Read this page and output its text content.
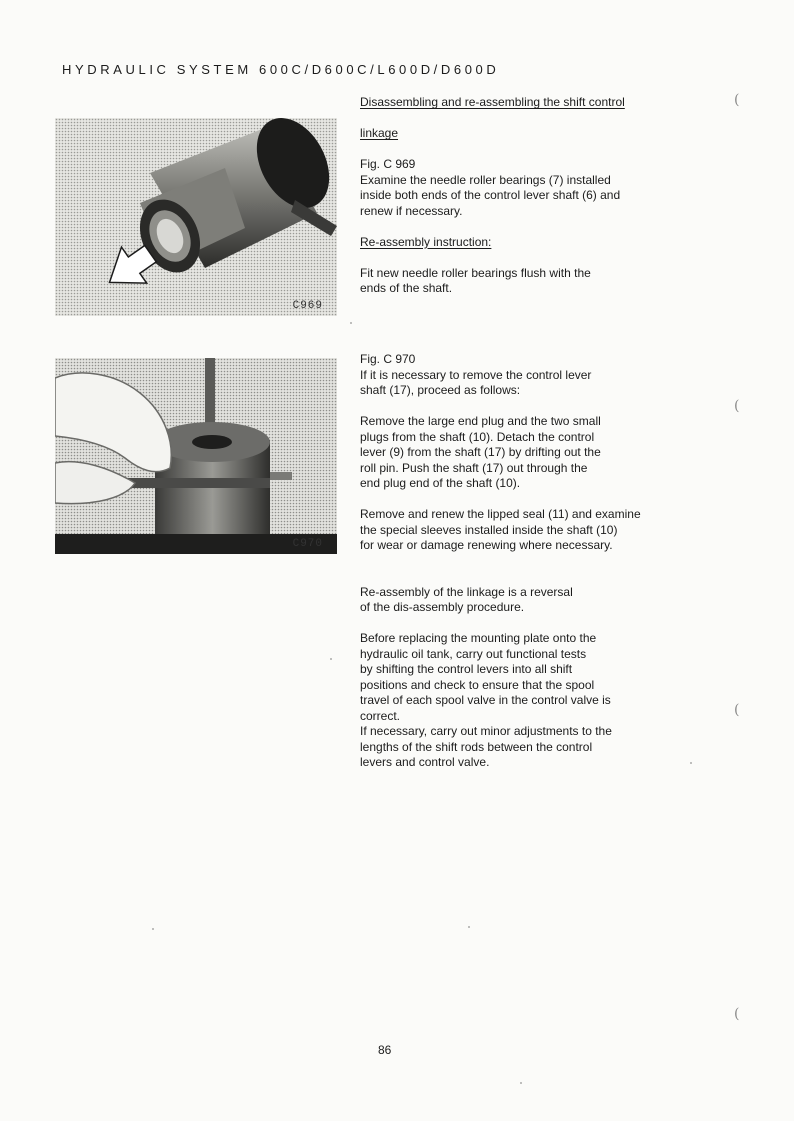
HYDRAULIC SYSTEM 600C/D600C/L600D/D600D
C969
C970

Disassembling and re-assembling the shift control

linkage

Fig. C 969

Examine the needle roller bearings (7) installed

inside both ends of the control lever shaft (6) and

renew if necessary.

Re-assembly instruction:

Fit new needle roller bearings flush with the

ends of the shaft.

Fig. C 970

If it is necessary to remove the control lever

shaft (17), proceed as follows:

Remove the large end plug and the two small

plugs from the shaft (10). Detach the control

lever (9) from the shaft (17) by drifting out the

roll pin. Push the shaft (17) out through the

end plug end of the shaft (10).

Remove and renew the lipped seal (11) and examine

the special sleeves installed inside the shaft (10)

for wear or damage renewing where necessary.

Re-assembly of the linkage is a reversal

of the dis-assembly procedure.

Before replacing the mounting plate onto the

hydraulic oil tank, carry out functional tests

by shifting the control levers into all shift

positions and check to ensure that the spool

travel of each spool valve in the control valve is

correct.

If necessary, carry out minor adjustments to the

lengths of the shift rods between the control

levers and control valve.

86
(
(
(
(
